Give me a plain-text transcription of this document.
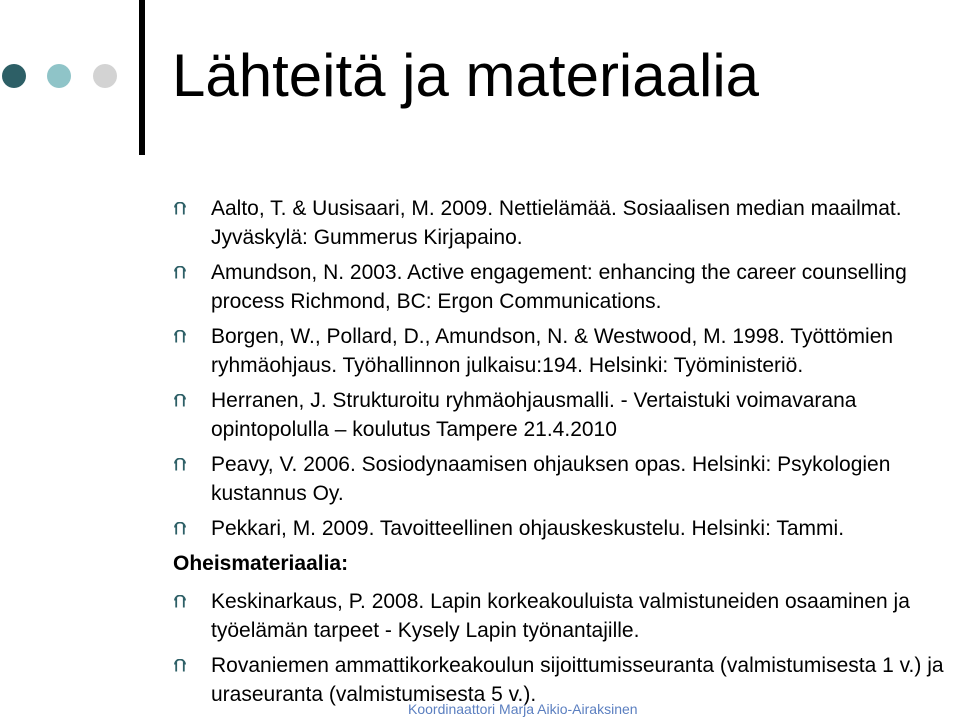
Lähteitä ja materiaalia
Aalto, T. & Uusisaari, M. 2009. Nettielämää. Sosiaalisen median maailmat. Jyväskylä: Gummerus Kirjapaino.
Amundson, N. 2003. Active engagement: enhancing the career counselling process Richmond, BC: Ergon Communications.
Borgen, W., Pollard, D., Amundson, N. & Westwood, M. 1998. Työttömien ryhmäohjaus. Työhallinnon julkaisu:194. Helsinki: Työministeriö.
Herranen, J. Strukturoitu ryhmäohjausmalli. - Vertaistuki voimavarana opintopolulla – koulutus Tampere 21.4.2010
Peavy, V. 2006. Sosiodynaamisen ohjauksen opas. Helsinki: Psykologien kustannus Oy.
Pekkari, M. 2009. Tavoitteellinen ohjauskeskustelu. Helsinki: Tammi.
Oheismateriaalia:
Keskinarkaus, P. 2008. Lapin korkeakouluista valmistuneiden osaaminen ja työelämän tarpeet - Kysely Lapin työnantajille.
Rovaniemen ammattikorkeakoulun sijoittumisseuranta (valmistumisesta 1 v.) ja uraseuranta (valmistumisesta 5 v.).
Koordinaattori Marja Aikio-Airaksinen
